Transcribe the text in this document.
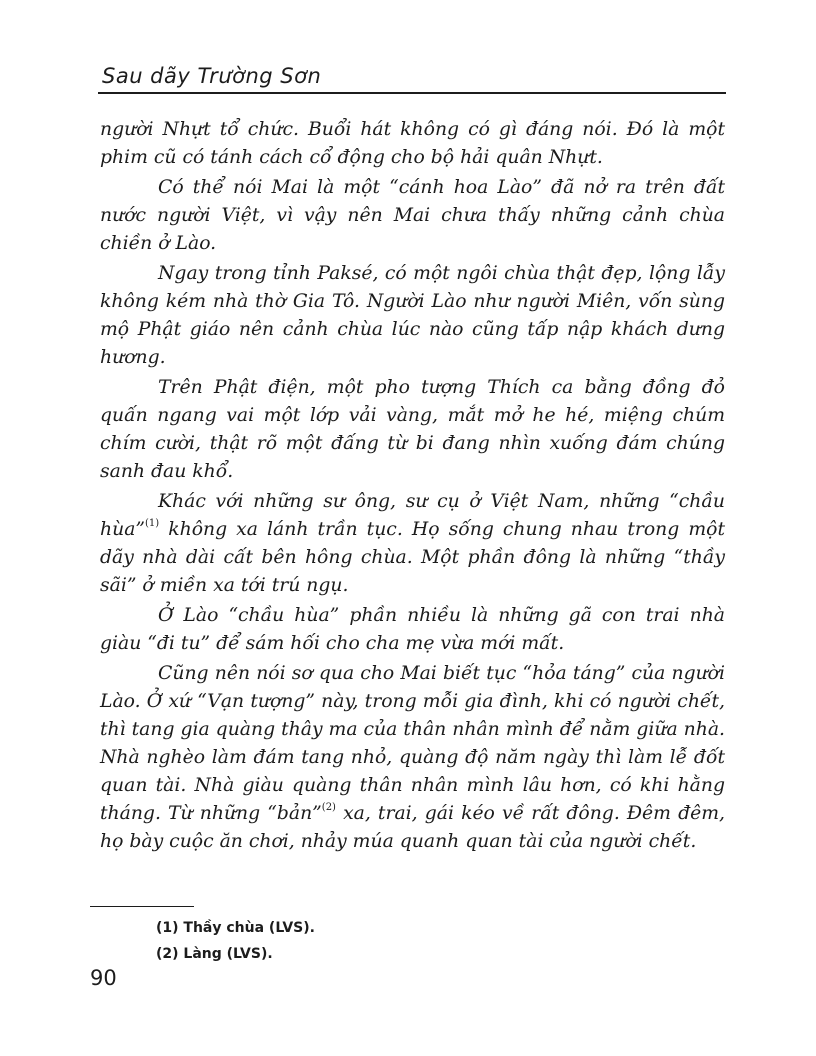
Sau dãy Trường Sơn

người Nhựt tổ chức. Buổi hát không có gì đáng nói. Đó là một phim cũ có tánh cách cổ động cho bộ hải quân Nhựt.

Có thể nói Mai là một “cánh hoa Lào” đã nở ra trên đất nước người Việt, vì vậy nên Mai chưa thấy những cảnh chùa chiền ở Lào.

Ngay trong tỉnh Paksé, có một ngôi chùa thật đẹp, lộng lẫy không kém nhà thờ Gia Tô. Người Lào như người Miên, vốn sùng mộ Phật giáo nên cảnh chùa lúc nào cũng tấp nập khách dưng hương.

Trên Phật điện, một pho tượng Thích ca bằng đồng đỏ quấn ngang vai một lớp vải vàng, mắt mở he hé, miệng chúm chím cười, thật rõ một đấng từ bi đang nhìn xuống đám chúng sanh đau khổ.

Khác với những sư ông, sư cụ ở Việt Nam, những “chầu hùa”$^{(1)}$ không xa lánh trần tục. Họ sống chung nhau trong một dãy nhà dài cất bên hông chùa. Một phần đông là những “thầy sãi” ở miền xa tới trú ngụ.

Ở Lào “chầu hùa” phần nhiều là những gã con trai nhà giàu “đi tu” để sám hối cho cha mẹ vừa mới mất.

Cũng nên nói sơ qua cho Mai biết tục “hỏa táng” của người Lào. Ở xứ “Vạn tượng” này, trong mỗi gia đình, khi có người chết, thì tang gia quàng thây ma của thân nhân mình để nằm giữa nhà. Nhà nghèo làm đám tang nhỏ, quàng độ năm ngày thì làm lễ đốt quan tài. Nhà giàu quàng thân nhân mình lâu hơn, có khi hằng tháng. Từ những “bản”$^{(2)}$ xa, trai, gái kéo về rất đông. Đêm đêm, họ bày cuộc ăn chơi, nhảy múa quanh quan tài của người chết.

(1) Thầy chùa (LVS).
(2) Làng (LVS).
90
